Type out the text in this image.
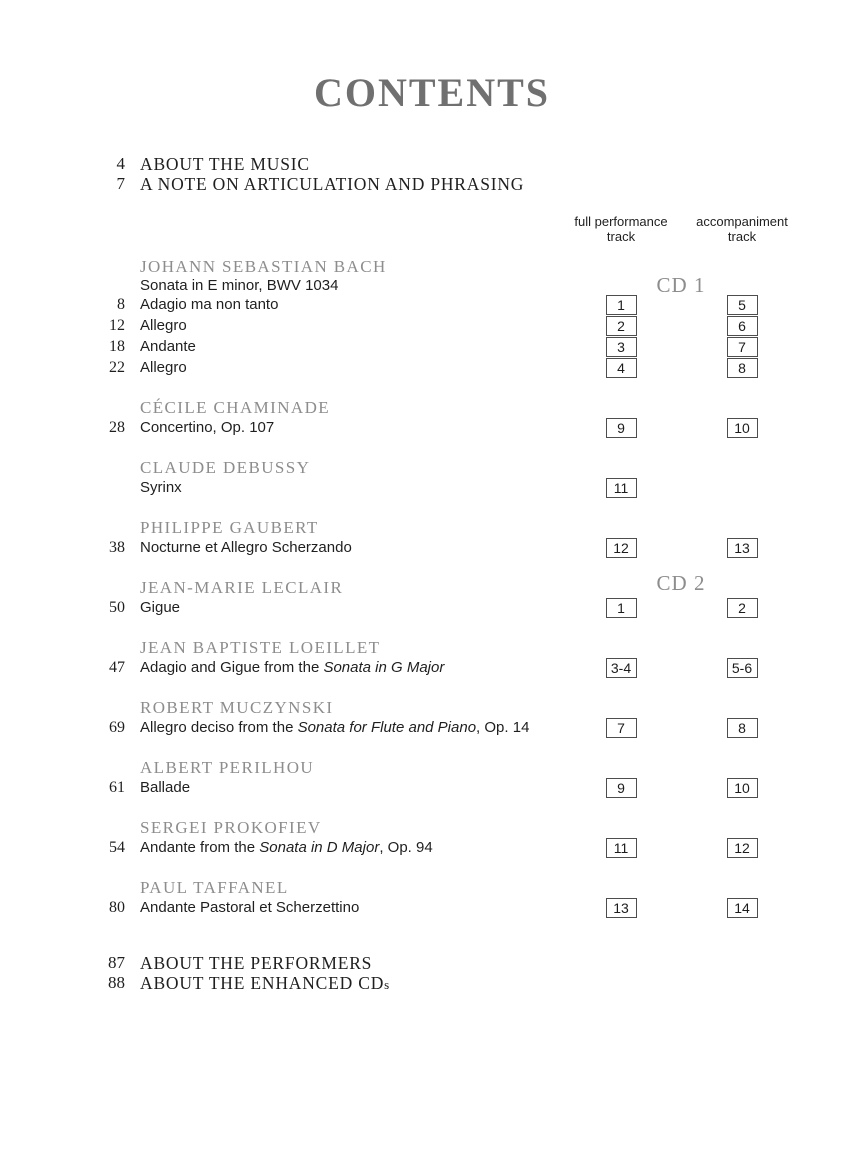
CONTENTS
4 ABOUT THE MUSIC
7 A NOTE ON ARTICULATION AND PHRASING
full performance
track
accompaniment
track
CD 1
JOHANN SEBASTIAN BACH
Sonata in E minor, BWV 1034
8	Adagio ma non tanto	1	5
12	Allegro	2	6
18	Andante	3	7
22	Allegro	4	8
CÉCILE CHAMINADE
28	Concertino, Op. 107	9	10
CLAUDE DEBUSSY
Syrinx	11
PHILIPPE GAUBERT
38	Nocturne et Allegro Scherzando	12	13
CD 2
JEAN-MARIE LECLAIR
50	Gigue	1	2
JEAN BAPTISTE LOEILLET
47	Adagio and Gigue from the Sonata in G Major	3-4	5-6
ROBERT MUCZYNSKI
69	Allegro deciso from the Sonata for Flute and Piano, Op. 14	7	8
ALBERT PERILHOU
61	Ballade	9	10
SERGEI PROKOFIEV
54	Andante from the Sonata in D Major, Op. 94	11	12
PAUL TAFFANEL
80	Andante Pastoral et Scherzettino	13	14
87 ABOUT THE PERFORMERS
88 ABOUT THE ENHANCED CDs
